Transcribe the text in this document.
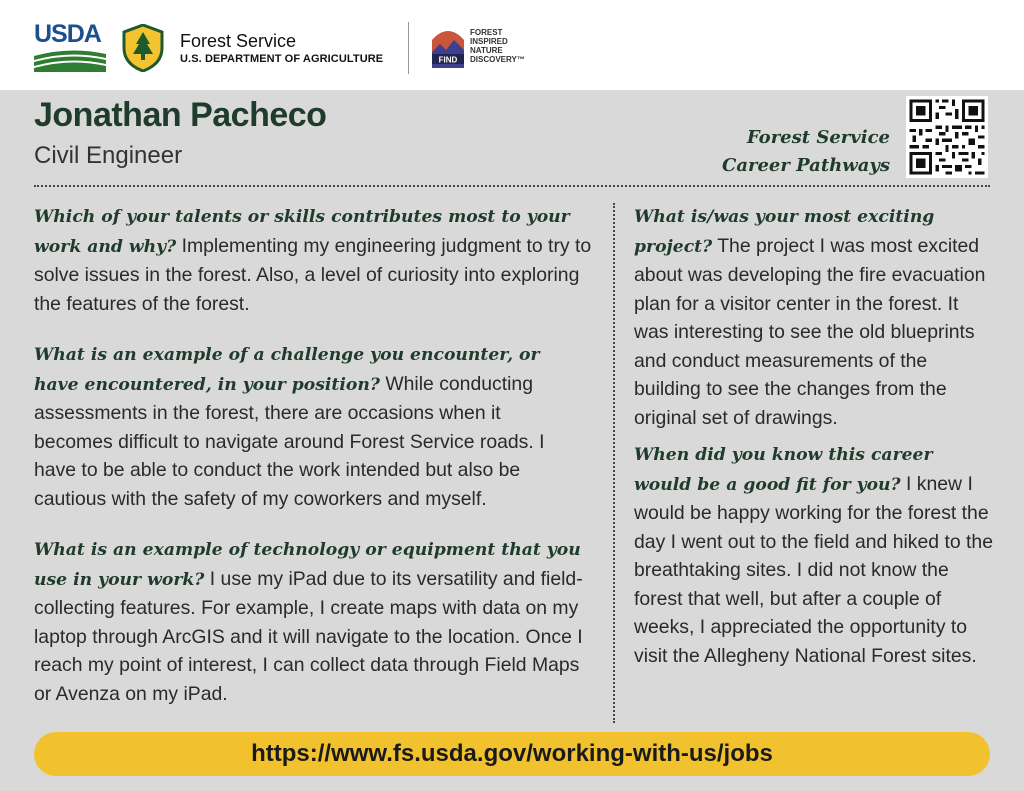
USDA	Forest Service
U.S. DEPARTMENT OF AGRICULTURE	FIND
FOREST
INSPIRED
NATURE
DISCOVERY™
Jonathan Pacheco
Civil Engineer
Forest Service
Career Pathways

Which of your talents or skills contributes most to your work and why? Implementing my engineering judgment to try to solve issues in the forest. Also, a level of curiosity into exploring the features of the forest.

What is an example of a challenge you encounter, or have encountered, in your position? While conducting assessments in the forest, there are occasions when it becomes difficult to navigate around Forest Service roads. I have to be able to conduct the work intended but also be cautious with the safety of my coworkers and myself.

What is an example of technology or equipment that you use in your work? I use my iPad due to its versatility and field-collecting features. For example, I create maps with data on my laptop through ArcGIS and it will navigate to the location. Once I reach my point of interest, I can collect data through Field Maps or Avenza on my iPad.

What is/was your most exciting project? The project I was most excited about was developing the fire evacuation plan for a visitor center in the forest. It was interesting to see the old blueprints and conduct measurements of the building to see the changes from the original set of drawings.

When did you know this career would be a good fit for you? I knew I would be happy working for the forest the day I went out to the field and hiked to the breathtaking sites. I did not know the forest that well, but after a couple of weeks, I appreciated the opportunity to visit the Allegheny National Forest sites.

https://www.fs.usda.gov/working-with-us/jobs
